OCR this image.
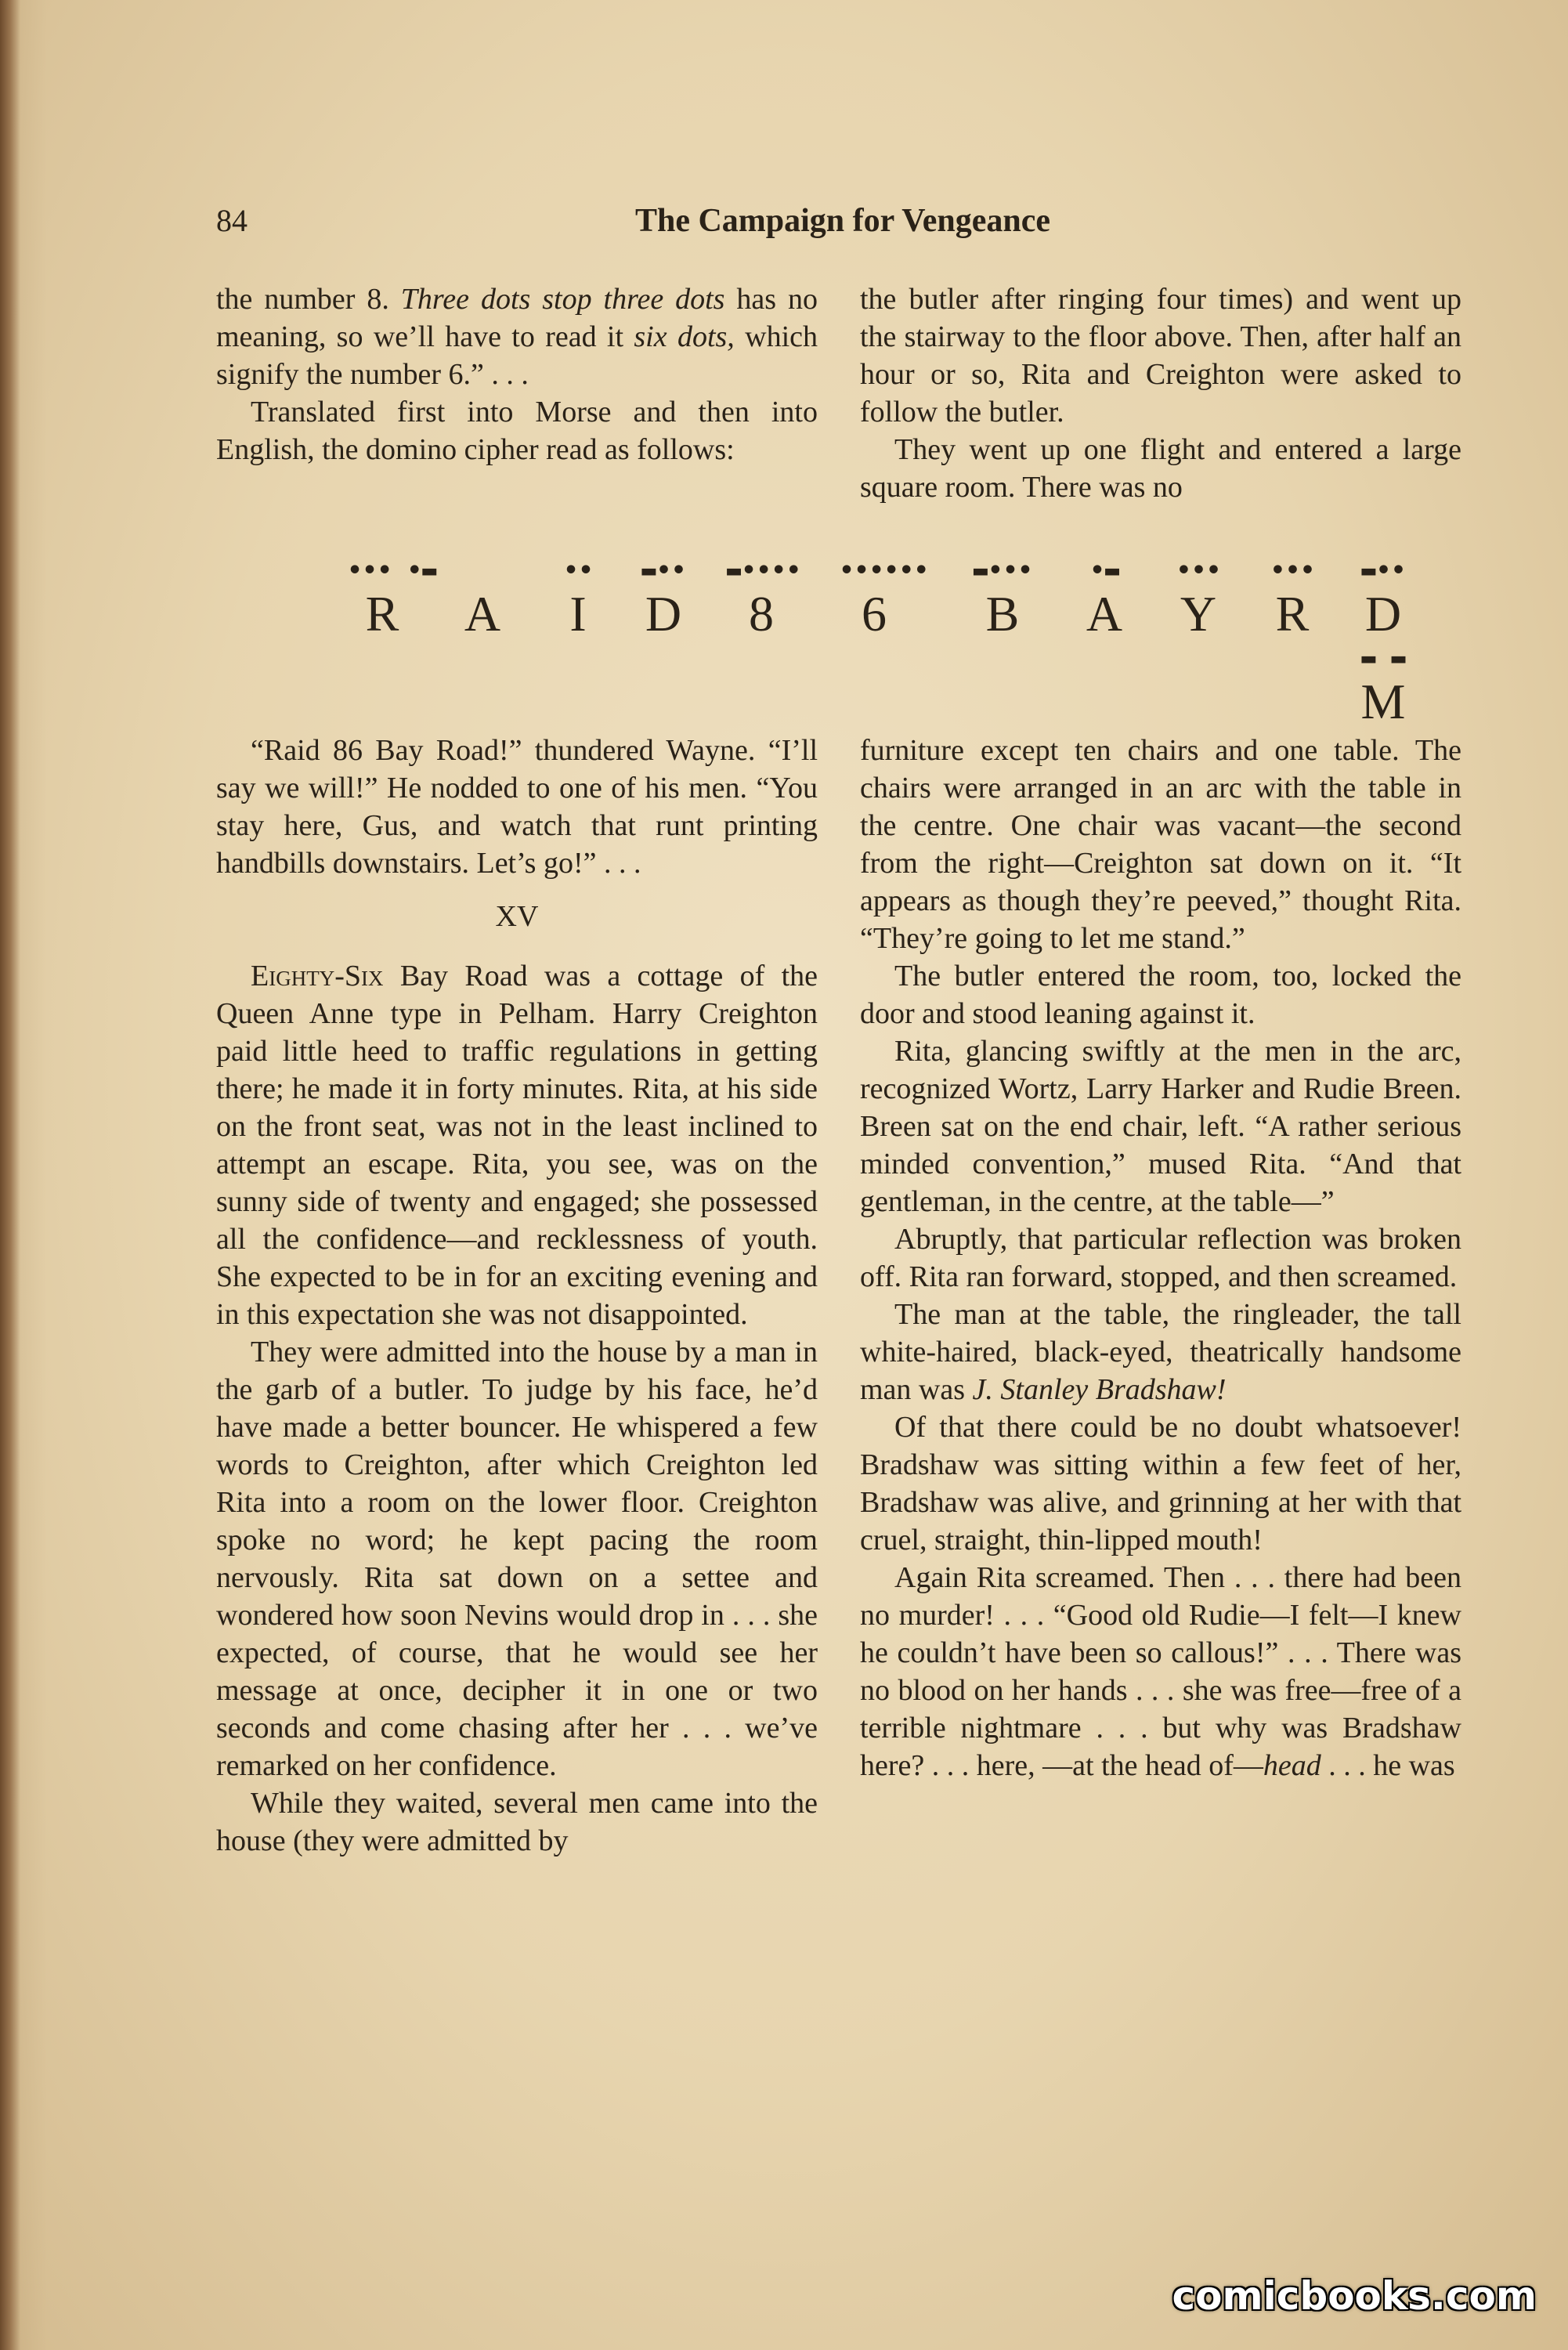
84	The Campaign for Vengeance

the number 8. Three dots stop three dots has no meaning, so we’ll have to read it six dots, which signify the number 6.” . . .

Translated first into Morse and then into English, the domino cipher read as follows:

the butler after ringing four times) and went up the stairway to the floor above. Then, after half an hour or so, Rita and Creighton were asked to follow the butler.

They went up one flight and entered a large square room. There was no

••• •▬
R
	A
••
I
▬••
D
▬••••
8
••••••
6
▬•••
B
•▬
A
•••
Y
•••
R
▬••
D
▬ ▬
M

“Raid 86 Bay Road!” thundered Wayne. “I’ll say we will!” He nodded to one of his men. “You stay here, Gus, and watch that runt printing handbills downstairs. Let’s go!” . . .

XV

Eighty-Six Bay Road was a cottage of the Queen Anne type in Pelham. Harry Creighton paid little heed to traffic regulations in getting there; he made it in forty minutes. Rita, at his side on the front seat, was not in the least inclined to attempt an escape. Rita, you see, was on the sunny side of twenty and engaged; she possessed all the confidence—and recklessness of youth. She expected to be in for an exciting evening and in this expectation she was not disappointed.

They were admitted into the house by a man in the garb of a butler. To judge by his face, he’d have made a better bouncer. He whispered a few words to Creighton, after which Creighton led Rita into a room on the lower floor. Creighton spoke no word; he kept pacing the room nervously. Rita sat down on a settee and wondered how soon Nevins would drop in . . . she expected, of course, that he would see her message at once, decipher it in one or two seconds and come chasing after her . . . we’ve remarked on her confidence.

While they waited, several men came into the house (they were admitted by

furniture except ten chairs and one table. The chairs were arranged in an arc with the table in the centre. One chair was vacant—the second from the right—Creighton sat down on it. “It appears as though they’re peeved,” thought Rita. “They’re going to let me stand.”

The butler entered the room, too, locked the door and stood leaning against it.

Rita, glancing swiftly at the men in the arc, recognized Wortz, Larry Harker and Rudie Breen. Breen sat on the end chair, left. “A rather serious minded convention,” mused Rita. “And that gentleman, in the centre, at the table—”

Abruptly, that particular reflection was broken off. Rita ran forward, stopped, and then screamed.

The man at the table, the ringleader, the tall white-haired, black-eyed, theatrically handsome man was J. Stanley Bradshaw!

Of that there could be no doubt whatsoever! Bradshaw was sitting within a few feet of her, Bradshaw was alive, and grinning at her with that cruel, straight, thin-lipped mouth!

Again Rita screamed. Then . . . there had been no murder! . . . “Good old Rudie—I felt—I knew he couldn’t have been so callous!” . . . There was no blood on her hands . . . she was free—free of a terrible nightmare . . . but why was Bradshaw here? . . . here, —at the head of—head . . . he was

comicbooks.com
